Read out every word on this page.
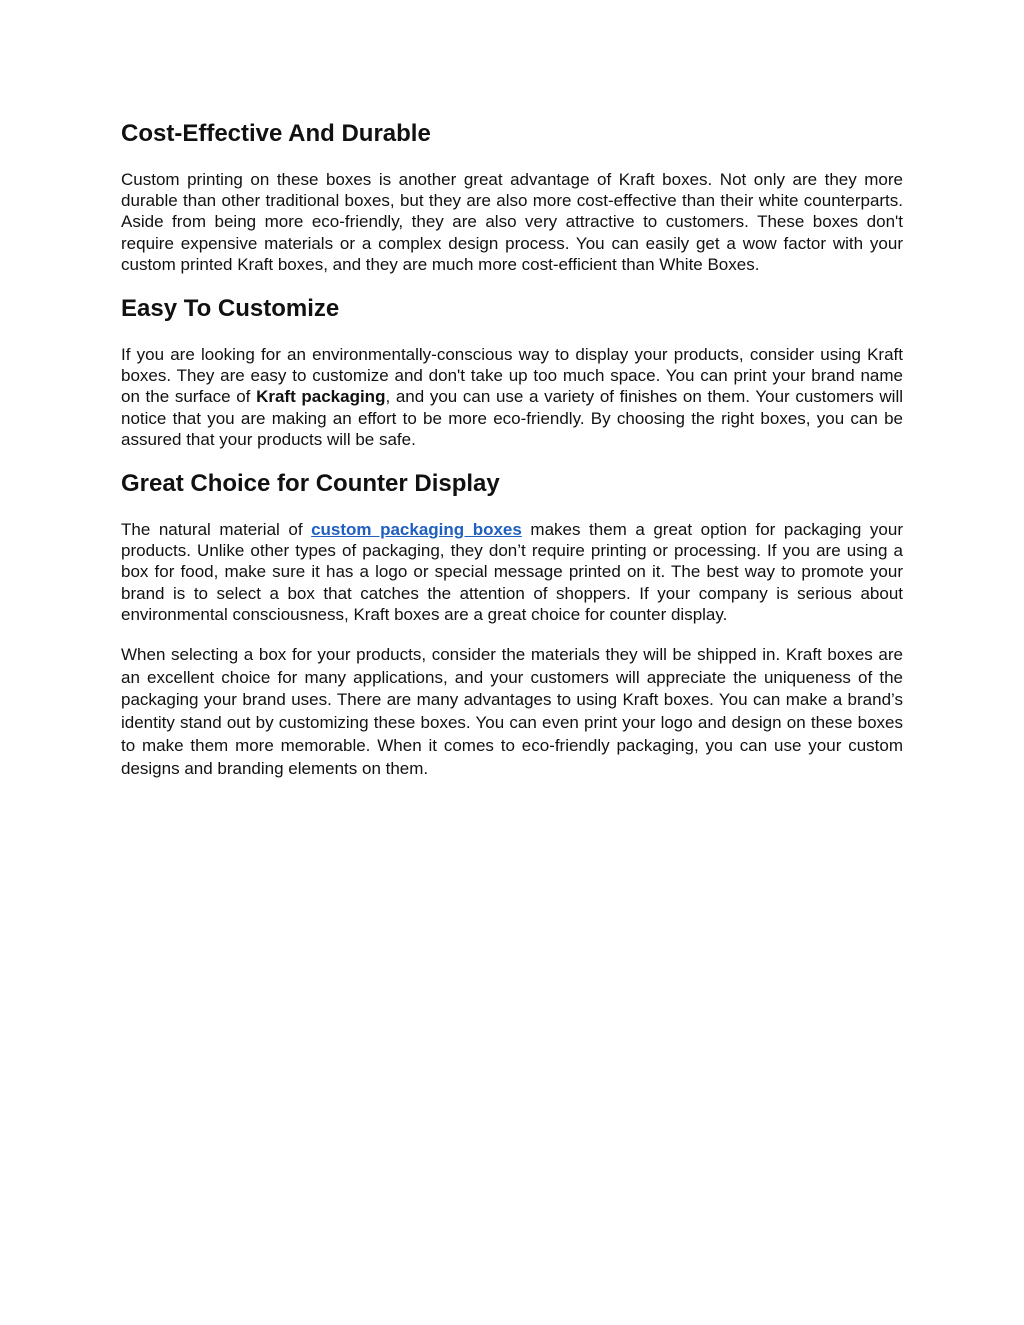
Cost-Effective And Durable

Custom printing on these boxes is another great advantage of Kraft boxes. Not only are they more durable than other traditional boxes, but they are also more cost-effective than their white counterparts. Aside from being more eco-friendly, they are also very attractive to customers. These boxes don't require expensive materials or a complex design process. You can easily get a wow factor with your custom printed Kraft boxes, and they are much more cost-efficient than White Boxes.

Easy To Customize

If you are looking for an environmentally-conscious way to display your products, consider using Kraft boxes. They are easy to customize and don't take up too much space. You can print your brand name on the surface of Kraft packaging, and you can use a variety of finishes on them. Your customers will notice that you are making an effort to be more eco-friendly. By choosing the right boxes, you can be assured that your products will be safe.

Great Choice for Counter Display

The natural material of custom packaging boxes makes them a great option for packaging your products. Unlike other types of packaging, they don’t require printing or processing. If you are using a box for food, make sure it has a logo or special message printed on it. The best way to promote your brand is to select a box that catches the attention of shoppers. If your company is serious about environmental consciousness, Kraft boxes are a great choice for counter display.

When selecting a box for your products, consider the materials they will be shipped in. Kraft boxes are an excellent choice for many applications, and your customers will appreciate the uniqueness of the packaging your brand uses. There are many advantages to using Kraft boxes. You can make a brand’s identity stand out by customizing these boxes. You can even print your logo and design on these boxes to make them more memorable. When it comes to eco-friendly packaging, you can use your custom designs and branding elements on them.
